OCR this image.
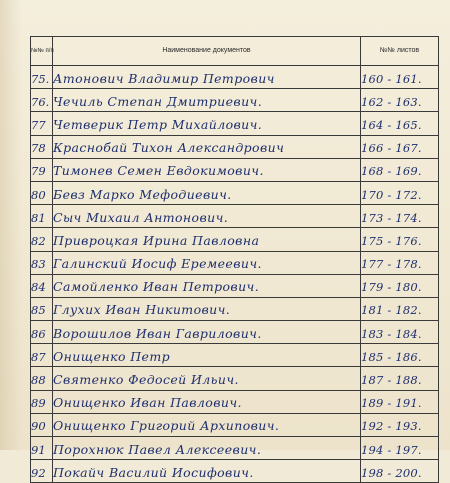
№№ п/п	Наименование документов	№№ листов
75.	Атонович Владимир Петрович	160 - 161.
76.	Чечиль Степан Дмитриевич.	162 - 163.
77	Четверик Петр Михайлович.	164 - 165.
78	Краснобай Тихон Александрович	166 - 167.
79	Тимонев Семен Евдокимович.	168 - 169.
80	Бевз Марко Мефодиевич.	170 - 172.
81	Сыч Михаил Антонович.	173 - 174.
82	Привроцкая Ирина Павловна	175 - 176.
83	Галинский Иосиф Еремеевич.	177 - 178.
84	Самойленко Иван Петрович.	179 - 180.
85	Глухих Иван Никитович.	181 - 182.
86	Ворошилов Иван Гаврилович.	183 - 184.
87	Онищенко Петр	185 - 186.
88	Святенко Федосей Ильич.	187 - 188.
89	Онищенко Иван Павлович.	189 - 191.
90	Онищенко Григорий Архипович.	192 - 193.
91	Порохнюк Павел Алексеевич.	194 - 197.
92	Покайч Василий Иосифович.	198 - 200.
